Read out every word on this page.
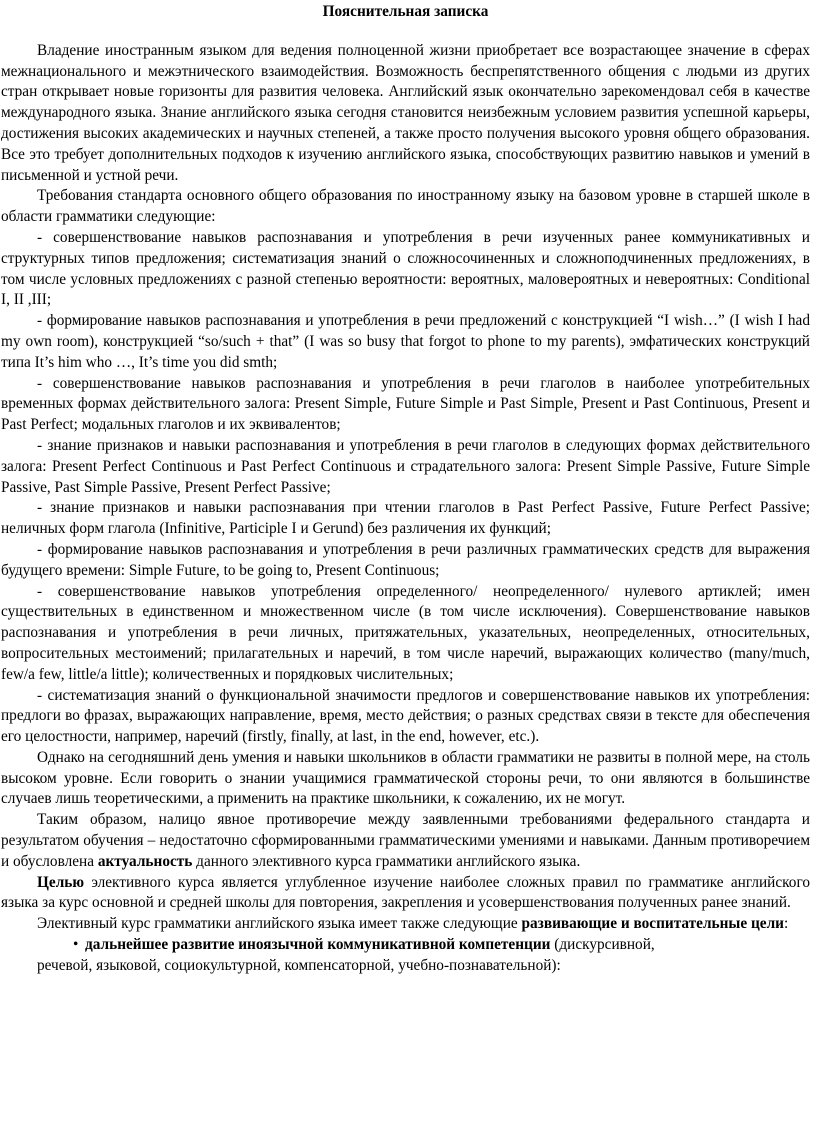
Пояснительная записка

Владение иностранным языком для ведения полноценной жизни приобретает все возрастающее значение в сферах межнационального и межэтнического взаимодействия. Возможность беспрепятственного общения с людьми из других стран открывает новые горизонты для развития человека. Английский язык окончательно зарекомендовал себя в качестве международного языка. Знание английского языка сегодня становится неизбежным условием развития успешной карьеры, достижения высоких академических и научных степеней, а также просто получения высокого уровня общего образования. Все это требует дополнительных подходов к изучению английского языка, способствующих развитию навыков и умений в письменной и устной речи.

Требования стандарта основного общего образования по иностранному языку на базовом уровне в старшей школе в области грамматики следующие:

- совершенствование навыков распознавания и употребления в речи изученных ранее коммуникативных и структурных типов предложения; систематизация знаний о сложносочиненных и сложноподчиненных предложениях, в том числе условных предложениях с разной степенью вероятности: вероятных, маловероятных и невероятных: Conditional I, II ,III;

- формирование навыков распознавания и употребления в речи предложений с конструкцией “I wish…” (I wish I had my own room), конструкцией “so/such + that” (I was so busy that forgot to phone to my parents), эмфатических конструкций типа It’s him who …, It’s time you did smth;

- совершенствование навыков распознавания и употребления в речи глаголов в наиболее употребительных временных формах действительного залога: Present Simple, Future Simple и Past Simple, Present и Past Continuous, Present и Past Perfect; модальных глаголов и их эквивалентов;

- знание признаков и навыки распознавания и употребления в речи глаголов в следующих формах действительного залога: Present Perfect Continuous и Past Perfect Continuous и страдательного залога: Present Simple Passive, Future Simple Passive, Past Simple Passive, Present Perfect Passive;

- знание признаков и навыки распознавания при чтении глаголов в Past Perfect Passive, Future Perfect Passive; неличных форм глагола (Infinitive, Participle I и Gerund) без различения их функций;

- формирование навыков распознавания и употребления в речи различных грамматических средств для выражения будущего времени: Simple Future, to be going to, Present Continuous;

- совершенствование навыков употребления определенного/ неопределенного/ нулевого артиклей; имен существительных в единственном и множественном числе (в том числе исключения). Совершенствование навыков распознавания и употребления в речи личных, притяжательных, указательных, неопределенных, относительных, вопросительных местоимений; прилагательных и наречий, в том числе наречий, выражающих количество (many/much, few/a few, little/a little); количественных и порядковых числительных;

- систематизация знаний о функциональной значимости предлогов и совершенствование навыков их употребления: предлоги во фразах, выражающих направление, время, место действия; о разных средствах связи в тексте для обеспечения его целостности, например, наречий (firstly, finally, at last, in the end, however, etc.).

Однако на сегодняшний день умения и навыки школьников в области грамматики не развиты в полной мере, на столь высоком уровне. Если говорить о знании учащимися грамматической стороны речи, то они являются в большинстве случаев лишь теоретическими, а применить на практике школьники, к сожалению, их не могут.

Таким образом, налицо явное противоречие между заявленными требованиями федерального стандарта и результатом обучения – недостаточно сформированными грамматическими умениями и навыками. Данным противоречием и обусловлена актуальность данного элективного курса грамматики английского языка.

Целью элективного курса является углубленное изучение наиболее сложных правил по грамматике английского языка за курс основной и средней школы для повторения, закрепления и усовершенствования полученных ранее знаний.

Элективный курс грамматики английского языка имеет также следующие развивающие и воспитательные цели:

• дальнейшее развитие иноязычной коммуникативной компетенции (дискурсивной,
речевой, языковой, социокультурной, компенсаторной, учебно-познавательной):
